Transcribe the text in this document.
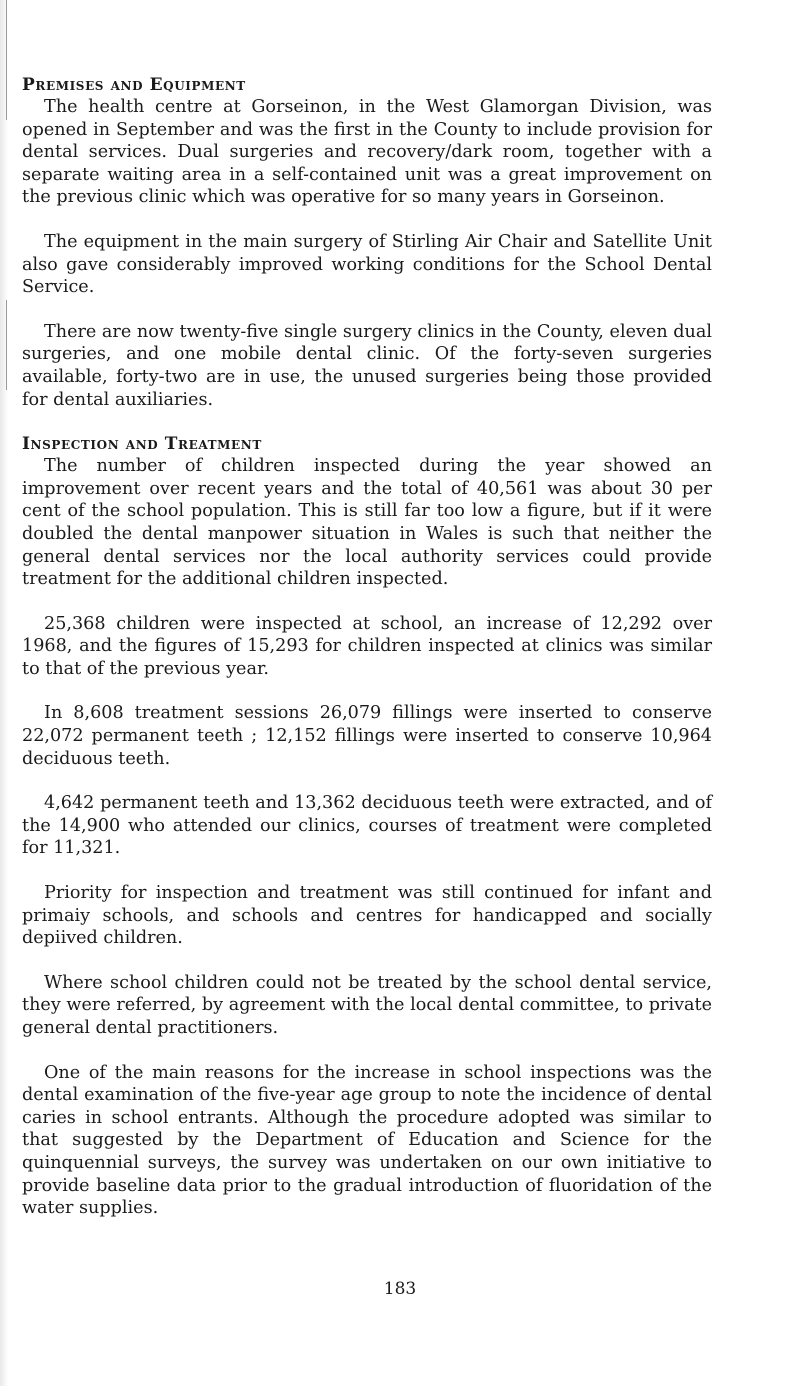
Premises and Equipment

The health centre at Gorseinon, in the West Glamorgan Division, was opened in September and was the first in the County to include provision for dental services. Dual surgeries and recovery/dark room, together with a separate waiting area in a self-contained unit was a great improvement on the previous clinic which was operative for so many years in Gorseinon.

The equipment in the main surgery of Stirling Air Chair and Satellite Unit also gave considerably improved working conditions for the School Dental Service.

There are now twenty-five single surgery clinics in the County, eleven dual surgeries, and one mobile dental clinic. Of the forty-seven surgeries available, forty-two are in use, the unused surgeries being those provided for dental auxiliaries.

Inspection and Treatment

The number of children inspected during the year showed an improvement over recent years and the total of 40,561 was about 30 per cent of the school population. This is still far too low a figure, but if it were doubled the dental manpower situation in Wales is such that neither the general dental services nor the local authority services could provide treatment for the additional children inspected.

25,368 children were inspected at school, an increase of 12,292 over 1968, and the figures of 15,293 for children inspected at clinics was similar to that of the previous year.

In 8,608 treatment sessions 26,079 fillings were inserted to conserve 22,072 permanent teeth ; 12,152 fillings were inserted to conserve 10,964 deciduous teeth.

4,642 permanent teeth and 13,362 deciduous teeth were extracted, and of the 14,900 who attended our clinics, courses of treatment were completed for 11,321.

Priority for inspection and treatment was still continued for infant and primaiy schools, and schools and centres for handicapped and socially depiived children.

Where school children could not be treated by the school dental service, they were referred, by agreement with the local dental committee, to private general dental practitioners.

One of the main reasons for the increase in school inspections was the dental examination of the five-year age group to note the incidence of dental caries in school entrants. Although the procedure adopted was similar to that suggested by the Department of Education and Science for the quinquennial surveys, the survey was undertaken on our own initiative to provide baseline data prior to the gradual introduction of fluoridation of the water supplies.

183
